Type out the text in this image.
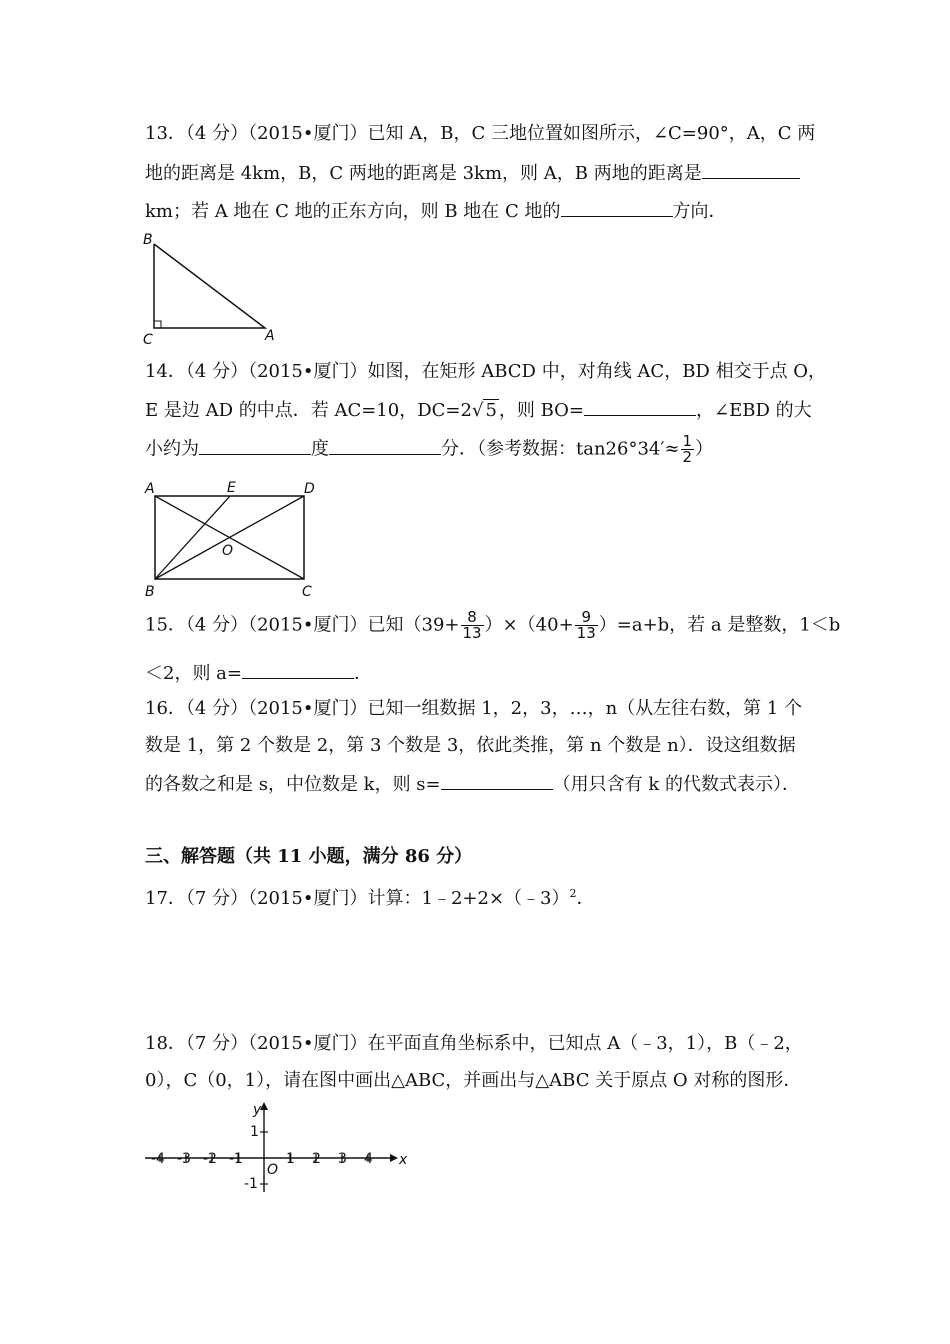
13．（4 分）（2015•厦门）已知 A，B，C 三地位置如图所示，∠C=90°，A，C 两
地的距离是 4km，B，C 两地的距离是 3km，则 A，B 两地的距离是
km；若 A 地在 C 地的正东方向，则 B 地在 C 地的	方向．
B
C	A
14．（4 分）（2015•厦门）如图，在矩形 ABCD 中，对角线 AC，BD 相交于点 O，
E 是边 AD 的中点．若 AC=10，DC=2√ 5 ，则 BO=	，∠EBD 的大
小约为	度	分．（参考数据：$\tan 26^\circ 34'\approx \frac{1}{2}$ ）
A	E	D
O
B	C
15．（4 分）（2015•厦门）已知$(39+ \frac{8}{13} )\times(40+ \frac{9}{13} )=a+b$，若 a 是整数，1＜b
＜2，则 a=	．
16．（4 分）（2015•厦门）已知一组数据 1，2，3，…，n（从左往右数，第 1 个
数是 1，第 2 个数是 2，第 3 个数是 3，依此类推，第 n 个数是 n）．设这组数据
的各数之和是 s，中位数是 k，则 s=	（用只含有 k 的代数式表示）．
三、解答题（共 11 小题，满分 86 分）
17．（7 分）（2015•厦门）计算：1﹣2+2×（﹣3）$^2$．
18．（7 分）（2015•厦门）在平面直角坐标系中，已知点 A（﹣3，1），B（﹣2，
0），C（0，1），请在图中画出△ABC，并画出与△ABC 关于原点 O 对称的图形．
-4 -3 -2 -1	1 2 3 4 x
y
O
1
-1
